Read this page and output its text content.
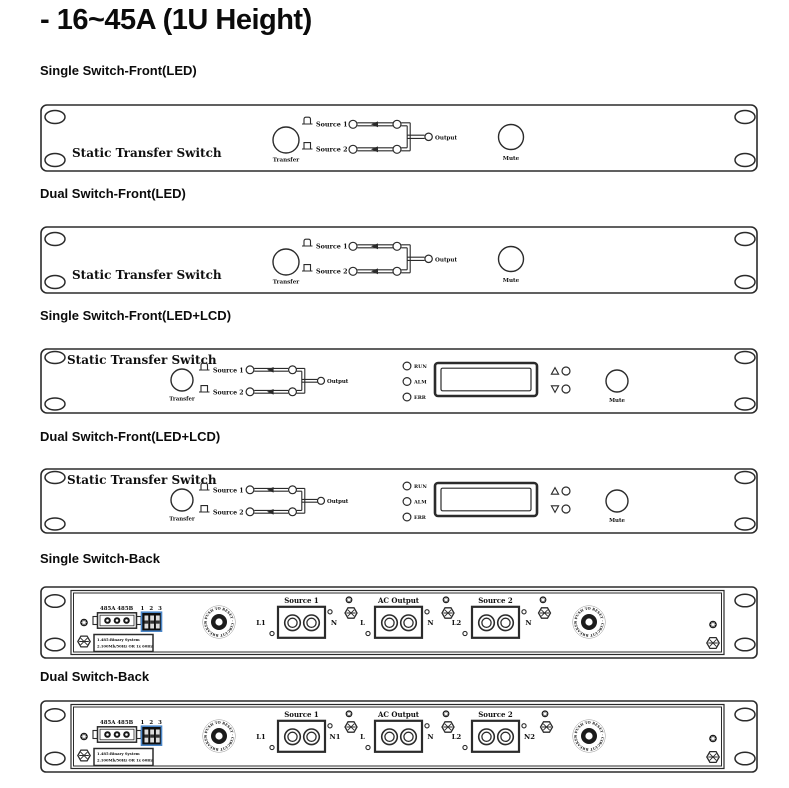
- 16~45A (1U Height)
Single Switch-Front(LED)
Dual Switch-Front(LED)
Single Switch-Front(LED+LCD)
Dual Switch-Front(LED+LCD)
Single Switch-Back
Dual Switch-Back
Static Transfer Switch
Transfer
Source 1
Source 2
Output
Mute
Static Transfer Switch
Transfer
Source 1
Source 2
Output
Mute
Static Transfer Switch
Transfer
Source 1
Source 2
Output
RUN
ALM
ERR	Mute
Static Transfer Switch
Transfer
Source 1
Source 2
Output
RUN
ALM
ERR	Mute
485A 485B 1 2 3
1.485:Binary System
2.100Mb/50Hz OR 1x 60Hz
· PUSH TO RESET · CIRCUIT BREAKER	L1
Source 1
N	L
AC Output
N	L2
Source 2
N	· PUSH TO RESET · CIRCUIT BREAKER
485A 485B 1 2 3
1.485:Binary System
2.100Mb/50Hz OR 1x 60Hz
· PUSH TO RESET · CIRCUIT BREAKER	L1
Source 1
N1	L
AC Output
N	L2
Source 2
N2	· PUSH TO RESET · CIRCUIT BREAKER
